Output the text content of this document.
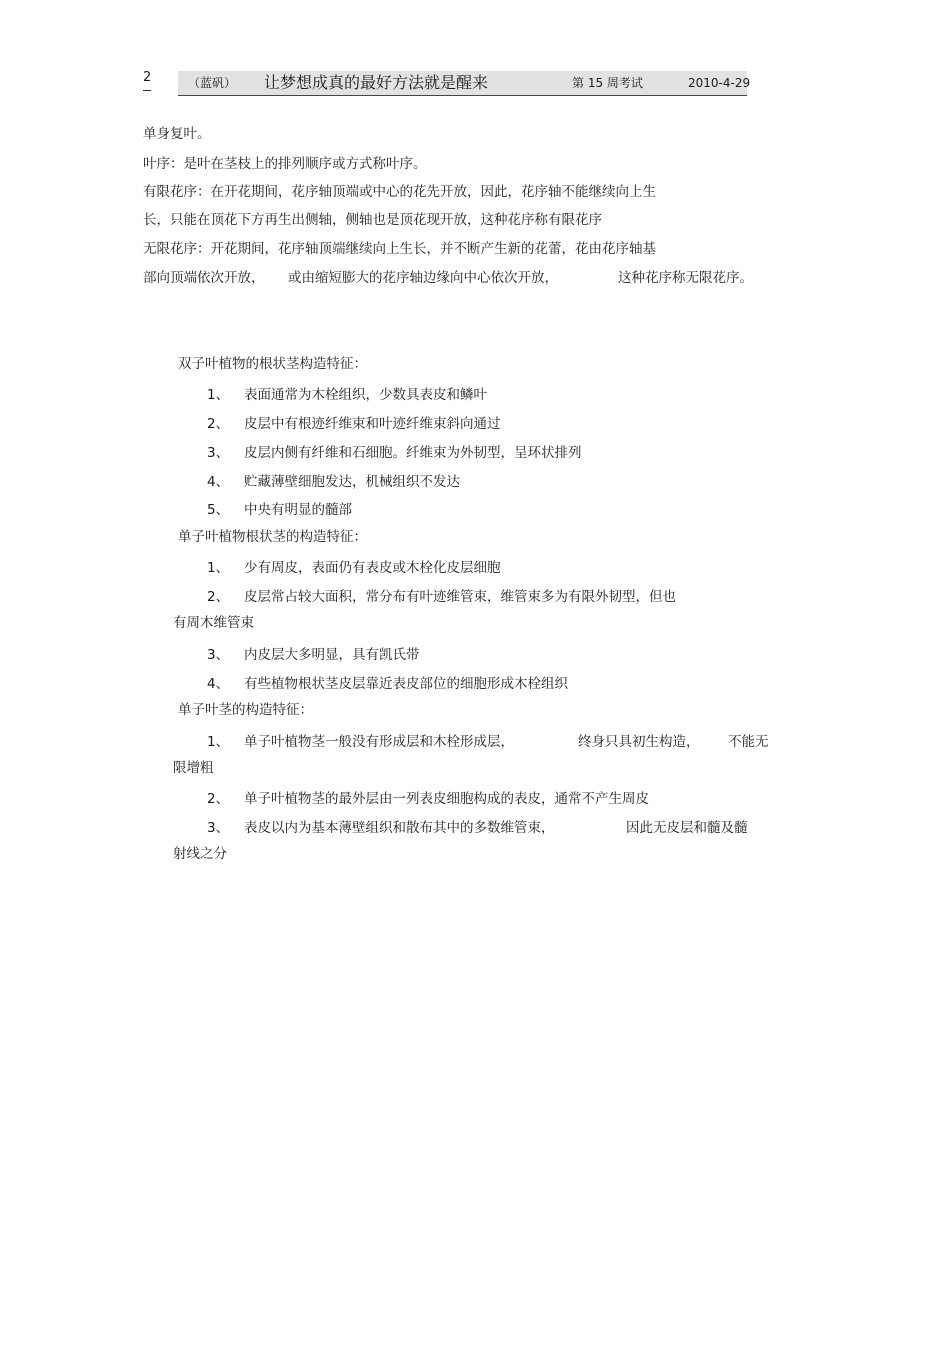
2	（蓝矾） 让梦想成真的最好方法就是醒来	第 15 周考试	2010-4-29
单身复叶。
叶序：是叶在茎枝上的排列顺序或方式称叶序。
有限花序：在开花期间，花序轴顶端或中心的花先开放，因此，花序轴不能继续向上生
长，只能在顶花下方再生出侧轴，侧轴也是顶花现开放，这种花序称有限花序
无限花序：开花期间，花序轴顶端继续向上生长，并不断产生新的花蕾，花由花序轴基
部向顶端依次开放， 或由缩短膨大的花序轴边缘向中心依次开放，	这种花序称无限花序。
双子叶植物的根状茎构造特征：
1、 表面通常为木栓组织，少数具表皮和鳞叶
2、 皮层中有根迹纤维束和叶迹纤维束斜向通过
3、 皮层内侧有纤维和石细胞。纤维束为外韧型，呈环状排列
4、 贮藏薄壁细胞发达，机械组织不发达
5、 中央有明显的髓部
单子叶植物根状茎的构造特征：
1、 少有周皮，表面仍有表皮或木栓化皮层细胞
2、 皮层常占较大面积，常分布有叶迹维管束，维管束多为有限外韧型，但也
有周木维管束
3、 内皮层大多明显，具有凯氏带
4、 有些植物根状茎皮层靠近表皮部位的细胞形成木栓组织
单子叶茎的构造特征：
1、 单子叶植物茎一般没有形成层和木栓形成层，	终身只具初生构造， 不能无
限增粗
2、 单子叶植物茎的最外层由一列表皮细胞构成的表皮，通常不产生周皮
3、 表皮以内为基本薄壁组织和散布其中的多数维管束，	因此无皮层和髓及髓
射线之分
